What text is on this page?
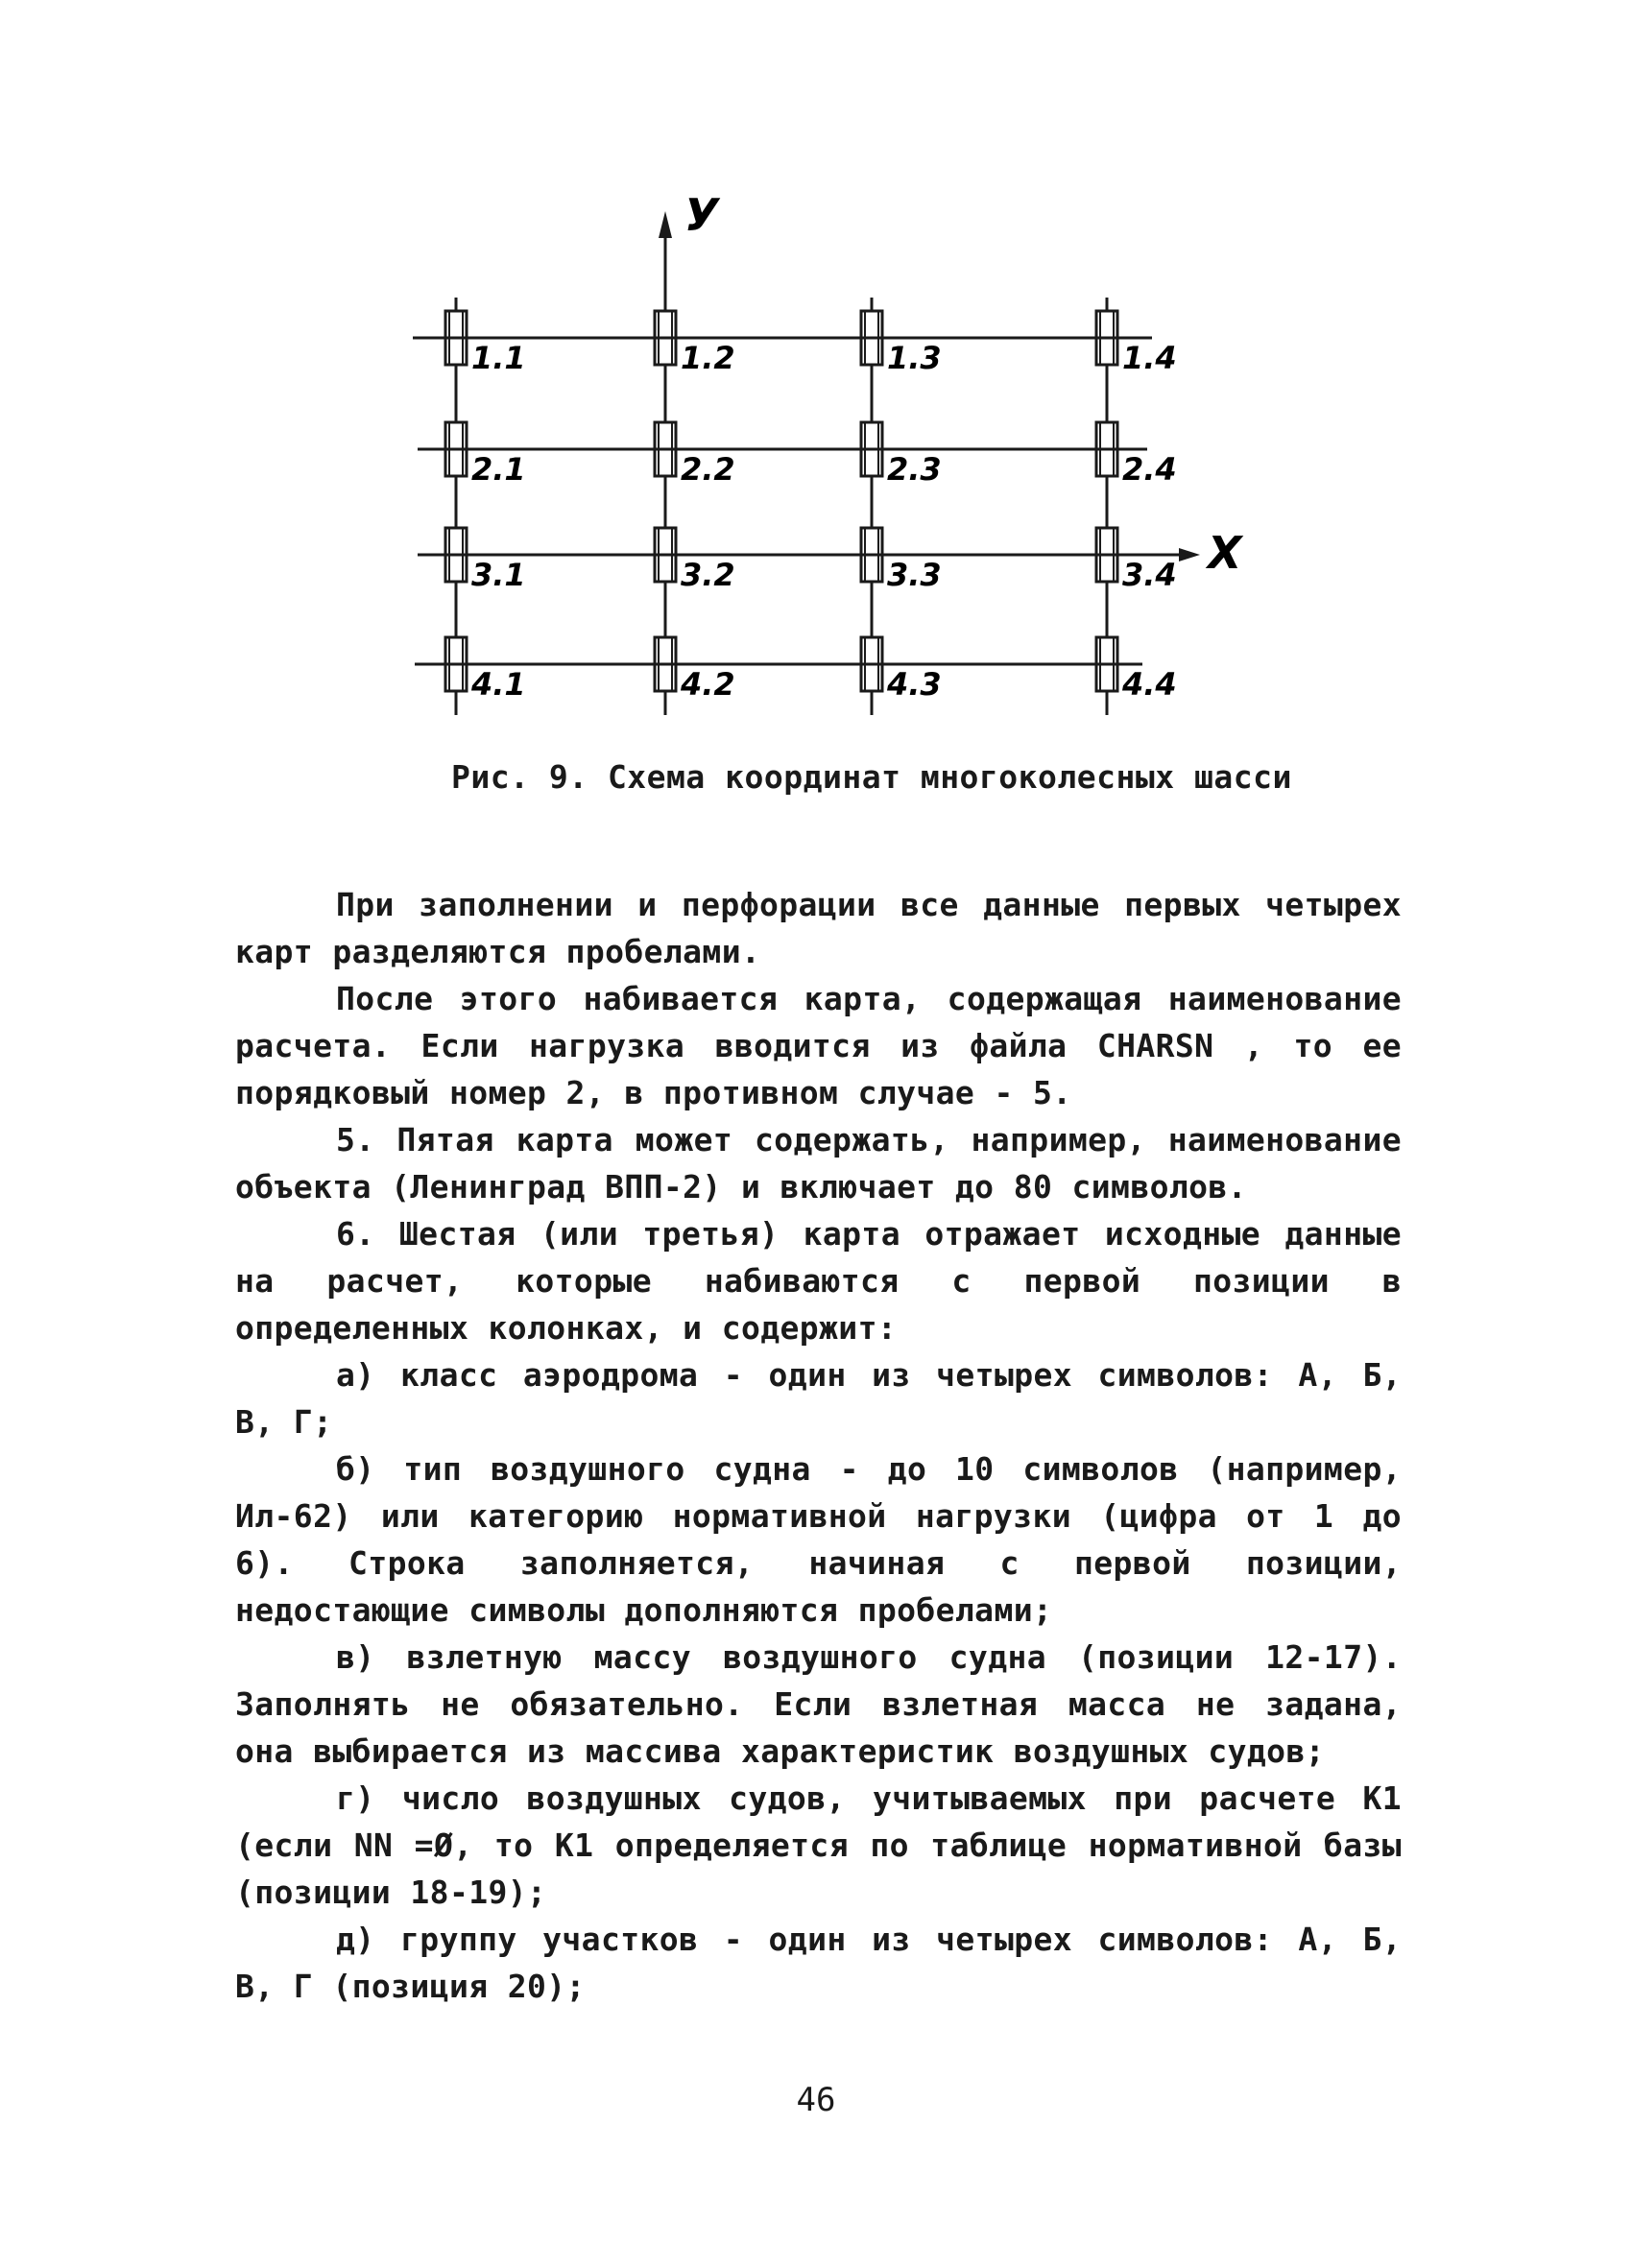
У
X
1.1	1.2	1.3	1.4
2.1	2.2	2.3	2.4
3.1	3.2	3.3	3.4
4.1	4.2	4.3	4.4
Рис. 9. Схема координат многоколесных шасси

При заполнении и перфорации все данные первых четырех карт разделяются пробелами.

После этого набивается карта, содержащая наименование расчета. Если нагрузка вводится из файла CHARSN , то ее порядковый номер 2, в противном случае - 5.

5. Пятая карта может содержать, например, наименование объекта (Ленинград ВПП-2) и включает до 80 символов.

6. Шестая (или третья) карта отражает исходные данные на расчет, которые набиваются с первой позиции в определенных колонках, и содержит:

а) класс аэродрома - один из четырех символов: А, Б, В, Г;

б) тип воздушного судна - до 10 символов (например, Ил-62) или категорию нормативной нагрузки (цифра от 1 до 6). Строка заполняется, начиная с первой позиции, недостающие символы дополняются пробелами;

в) взлетную массу воздушного судна (позиции 12-17). Заполнять не обязательно. Если взлетная масса не задана, она выбирается из массива характеристик воздушных судов;

г) число воздушных судов, учитываемых при расчете К1 (если NN =Ø, то К1 определяется по таблице нормативной базы (позиции 18-19);

д) группу участков - один из четырех символов: А, Б, В, Г (позиция 20);

46
